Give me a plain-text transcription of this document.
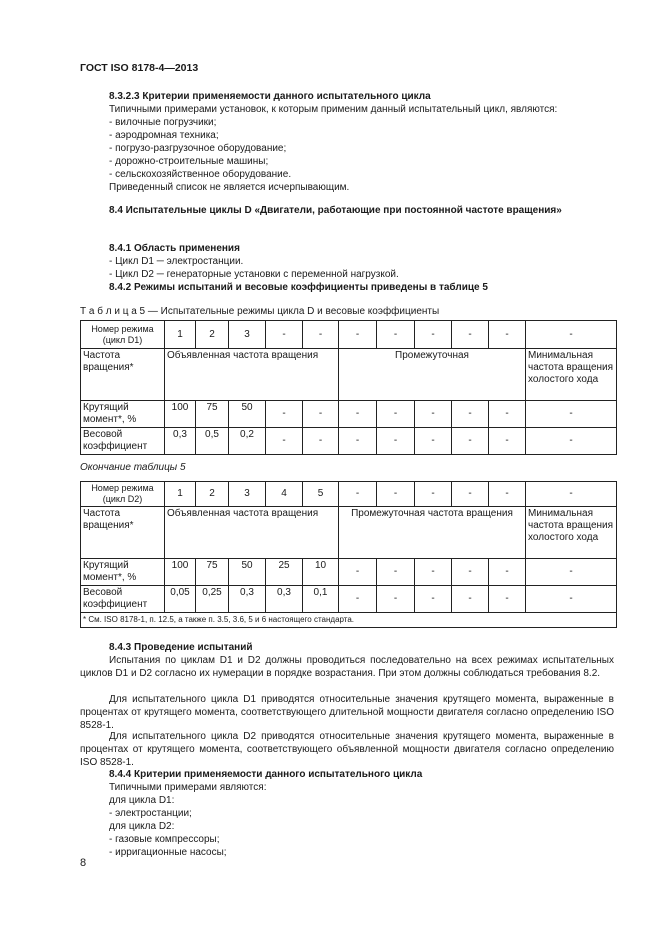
ГОСТ ISO 8178-4—2013
8.3.2.3 Критерии применяемости данного испытательного цикла
Типичными примерами установок, к которым применим данный испытательный цикл, являются:
- вилочные погрузчики;
- аэродромная техника;
- погрузо-разгрузочное оборудование;
- дорожно-строительные машины;
- сельскохозяйственное оборудование.
Приведенный список не является исчерпывающим.
8.4 Испытательные циклы D «Двигатели, работающие при постоянной частоте вращения»
8.4.1 Область применения
- Цикл D1 ─ электростанции.
- Цикл D2 ─ генераторные установки с переменной нагрузкой.
8.4.2 Режимы испытаний и весовые коэффициенты приведены в таблице 5
Т а б л и ц а 5 — Испытательные режимы цикла D и весовые коэффициенты
Номер режима (цикл D1)	1	2	3	-	-	-	-	-	-	-	-
Частота вращения*	Объявленная частота вращения					Промежуточная					Минимальная частота вращения холостого хода
Крутящий момент*, %	100	75	50	-	-	-	-	-	-	-	-
Весовой коэффициент	0,3	0,5	0,2	-	-	-	-	-	-	-	-
Окончание таблицы 5
Номер режима (цикл D2)	1	2	3	4	5	-	-	-	-	-	-
Частота вращения*	Объявленная частота вращения					Промежуточная частота вращения					Минимальная частота вращения холостого хода
Крутящий момент*, %	100	75	50	25	10	-	-	-	-	-	-
Весовой коэффициент	0,05	0,25	0,3	0,3	0,1	-	-	-	-	-	-
* См. ISO 8178-1, п. 12.5, а также п. 3.5, 3.6, 5 и 6 настоящего стандарта.											
8.4.3 Проведение испытаний
Испытания по циклам D1 и D2 должны проводиться последовательно на всех режимах испытательных циклов D1 и D2 согласно их нумерации в порядке возрастания. При этом должны соблюдаться требования 8.2.
Для испытательного цикла D1 приводятся относительные значения крутящего момента, выраженные в процентах от крутящего момента, соответствующего длительной мощности двигателя согласно определению ISO 8528-1.
Для испытательного цикла D2 приводятся относительные значения крутящего момента, выраженные в процентах от крутящего момента, соответствующего объявленной мощности двигателя согласно определению ISO 8528-1.
8.4.4 Критерии применяемости данного испытательного цикла
Типичными примерами являются:
для цикла D1:
- электростанции;
для цикла D2:
- газовые компрессоры;
- ирригационные насосы;
8
